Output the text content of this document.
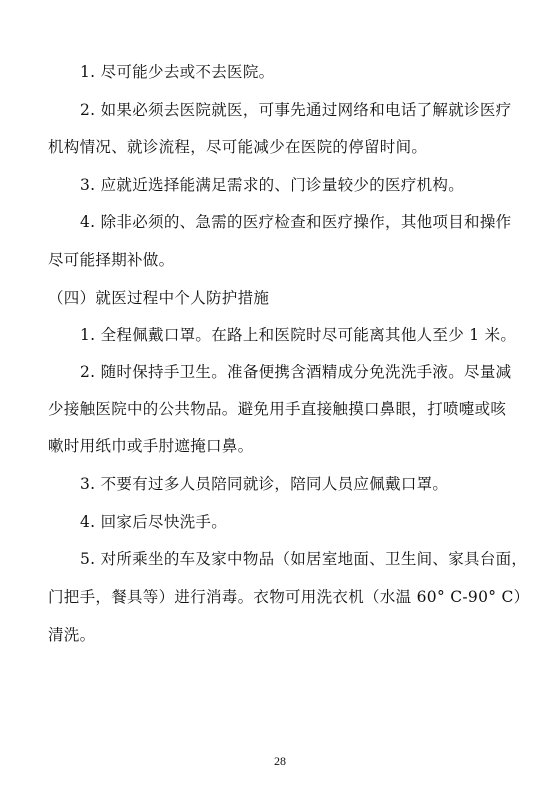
1. 尽可能少去或不去医院。
2. 如果必须去医院就医，可事先通过网络和电话了解就诊医疗
机构情况、就诊流程，尽可能减少在医院的停留时间。
3. 应就近选择能满足需求的、门诊量较少的医疗机构。
4. 除非必须的、急需的医疗检查和医疗操作，其他项目和操作
尽可能择期补做。
（四）就医过程中个人防护措施
1. 全程佩戴口罩。在路上和医院时尽可能离其他人至少 1 米。
2. 随时保持手卫生。准备便携含酒精成分免洗洗手液。尽量减
少接触医院中的公共物品。避免用手直接触摸口鼻眼，打喷嚏或咳
嗽时用纸巾或手肘遮掩口鼻。
3. 不要有过多人员陪同就诊，陪同人员应佩戴口罩。
4. 回家后尽快洗手。
5. 对所乘坐的车及家中物品（如居室地面、卫生间、家具台面，
门把手，餐具等）进行消毒。衣物可用洗衣机（水温 60° C-90° C）
清洗。
28
